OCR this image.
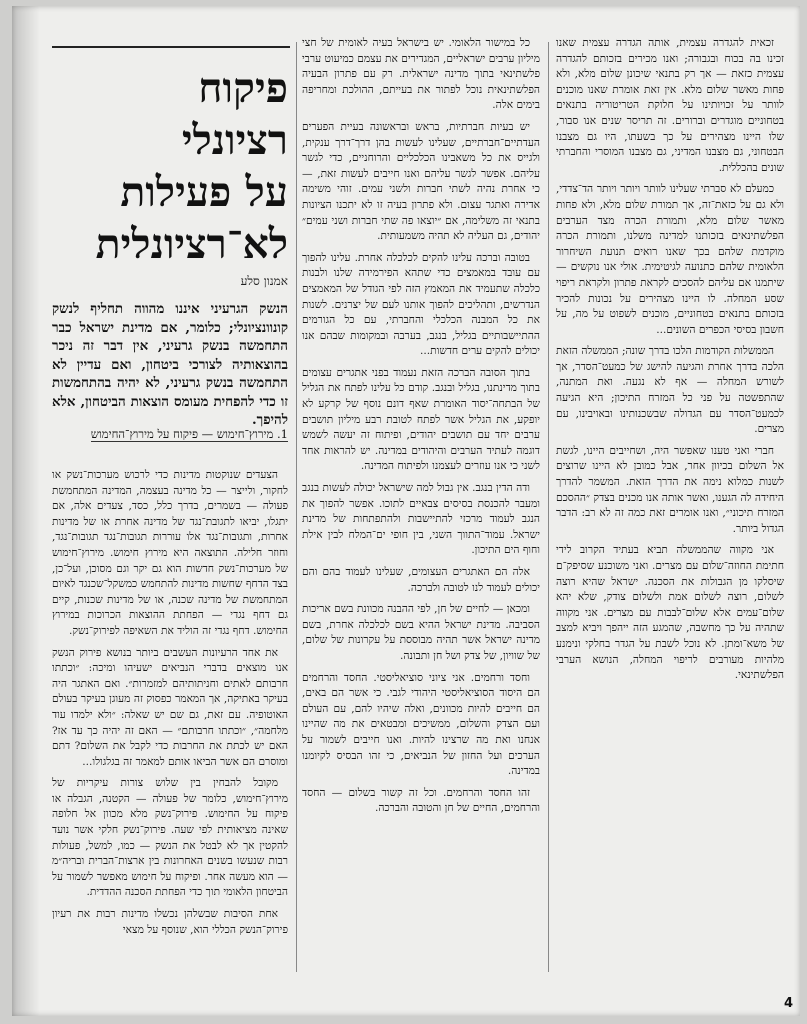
זכאית להגדרה עצמית, אותה הגדרה עצמית שאנו זכינו בה בכוח ובגבורה; ואנו מכירים בזכותם להגדרה עצמית כזאת — אך רק בתנאי שיכונן שלום מלא, ולא פחות מאשר שלום מלא. אין זאת אומרת שאנו מוכנים לוותר על זכויותינו על חלוקת הטריטוריה בתנאים בטחוניים מוגדרים וברורים. זה תריסר שנים אנו סבור, שלו היינו מצהירים על כך בשעתו, היו גם מצבנו הבטחוני, גם מצבנו המדיני, גם מצבנו המוסרי והחברתי שונים בהכללית.

כמעלם לא סברתי שעלינו לוותר ויותר ויותר הד־צדדי, ולא גם על כזאת־זה, אך תמורת שלום מלא, ולא פחות מאשר שלום מלא, ותמורת הכרה מצד הערבים הפלשתינאים בזכותנו למדינה משלנו, ותמורת הכרה מוקדמת שלהם בכך שאנו רואים תנועת השיחרור הלאומית שלהם כתנועה לגיטימית. אולי אנו נוקשים — שיתמנו אם עליהם להסכים לקראת פתרון ולקראת ריפוי שסע המחלה. לו היינו מצהירים על נכונות להכיר בזכותם בתנאים בטחוניים, מוכנים לשפוט על מה, על חשבון בסיסי הכפרים השונים...

הממשלות הקודמות הלכו בדרך שונה; הממשלה הזאת הלכה בדרך אחרת והגיעה להישג של כמעט־הסדר, אך לשורש המחלה — אף לא נגעה. ואת המתנה, שהתפשטה על פני כל המזרח התיכון; היא הגיעה לכמעט־הסדר עם הגדולה שבשכנותינו ובאויבינו, עם מצרים.

חברי ואני טענו שאפשר היה, ושחייבים היינו, לגשת אל השלום בכיוון אחר, אבל כמובן לא היינו שרוצים לשנות כמלוא נימה את הדרך הזאת. המשמר להדרך היחידה לה הגענו, ואשר אותה אנו מכנים בצדק ״ההסכם המזרח תיכוני״, ואנו אומרים זאת כמה זה לא רב: הדבר הגדול ביותר.

אני מקווה שהממשלה תביא בעתיד הקרוב לידי חתימת החוזה־שלום עם מצרים. ואני משוכנע שסיפק־ם שיסלקו מן הגבולות את הסכנה. ישראל שהיא רוצה לשלום, רוצה לשלום אמת ולשלום צודק, שלא יהא שלום־עמים אלא שלום־לבבות עם מצרים. אני מקווה שתהיה על כך מחשבה, שהמגע הזה ייהפך ויביא למצב של משא־ומתן. לא נוכל לשבת על הגדר בחלקי ונימנע מלהיות מעורבים לריפוי המחלה, הנושא הערבי הפלשתינאי.

כל במישור הלאומי. יש בישראל בעיה לאומית של חצי מיליון ערבים ישראליים, המגדירים את עצמם כמיעוט ערבי פלשתינאי בתוך מדינה ישראלית. רק עם פתרון הבעיה הפלשתינאית נוכל לפתור את בעייתם, ההולכת ומחריפה בימים אלה.

יש בעיות חברתיות, בראש ובראשונה בעיית הפערים העדתיים־חברתיים, שעלינו לעשות בהן דרך־דרך ענקית, ולגייס את כל משאבינו הכלכליים והרוחניים, כדי לגשר עליהם. אפשר לגשר עליהם ואנו חייבים לעשות זאת, — כי אחרת נהיה לשתי חברות ולשני עמים. זוהי משימה אדירה ואתגר עצום. ולא פתרון בעיה זו לא יתכנו הציונות בתנאי זה משלימה, אם ״יוצאו פה שתי חברות ושני עמים״ יהודים, גם העליה לא תהיה משמעותית.

בטובה וברכה עלינו להקים לכלכלה אחרת. עלינו להפוך עם עובד במאמצים כדי שתהא הפירמידה שלנו ולבנות כלכלה שתעמיד את המאמץ הזה לפי הגודל של המאמצים הנדרשים, ותהליכים להפוך אותנו לעם של יצרנים. לשנות את כל המבנה הכלכלי והחברתי, עם כל הגורמים ההתיישבותיים בגליל, בנגב, בערבה ובמקומות שבהם אנו יכולים להקים ערים חדשות...

בתוך הסובה הברכה הזאת נעמוד בפני אתגרים עצומים בתוך מדינתנו, בגליל ובנגב. קודם כל עלינו לפתח את הגליל של הבתחה־יסוד האומרת שאף דונם נוסף של קרקע לא יופקע, את הגליל אשר לפתח לטובת רבע מיליון תושבים ערבים יחד עם תושבים יהודים, ופיתוח זה יעשה לשמש דוגמה לעתיד הערבים והיהודים במדינה. יש להראות אחד לשני כי אנו עוזרים לעצמנו ולפיתוח המדינה.

ודה הדין בנגב. אין גבול למה שישראל יכולה לעשות בנגב ומעבר להכנסת בסיסים צבאיים לתוכו. אפשר להפוך את הנגב לעמוד מרכזי להתיישבות ולהתפתחות של מדינת ישראל. עמוד־התווך השני, בין חופי ים־המלח לבין אילת וחוף הים התיכון.

אלה הם האתגרים העצומים, שעלינו לעמוד בהם והם יכולים לעמוד לנו לטובה ולברכה.

ומכאן — לחיים של חן, לפי ההבנה מכוונת בשם אריכות הסביבה. מדינת ישראל ההיא בשם לכלכלה אחרת, בשם מדינה ישראל אשר תהיה מבוססת על עקרונות של שלום, של שוויון, של צדק ושל חן ותבונה.

וחסד ורחמים. אני ציוני סוציאליסטי. החסד והרחמים הם היסוד הסוציאליסטי היהודי לגבי. כי אשר הם באים, הם חייבים להיות מכוונים, ואלה שיהיו להם, עם העולם ועם הצדק והשלום, ממשיכים ומבטאים את מה שהיינו אנחנו ואת מה שרצינו להיות. ואנו חייבים לשמור על הערכים ועל החזון של הנביאים, כי זהו הבסיס לקיומנו במדינה.

זהו החסד והרחמים. וכל זה קשור בשלום — החסד והרחמים, החיים של חן והטובה והברכה.

פיקוח
רציונלי
על פעילות
לא־רציונלית
אמנון סלע
הנשק הגרעיני איננו מהווה תחליף לנשק קונוונציונלי; כלומר, אם מדינת ישראל כבר התחמשה בנשק גרעיני, אין דבר זה ניכר בהוצאותיה לצורכי ביטחון, ואם עדיין לא התחמשה בנשק גרעיני, לא יהיה בהתחמשות זו כדי להפחית מעומס הוצאות הביטחון, אלא להיפך.
1. מירוץ־חימוש — פיקוח על מירוץ־החימוש

הצעדים שנוקטות מדינות כדי לרכוש מערכות־נשק או לחקור, ולייצר — כל מדינה בעצמה, המדינה המתחמשת פעולה — בשמרים, בדרך כלל, כסד, צעדים אלה, אם יתגלו, יביאו לתגובת־נגד של מדינה אחרת או של מדינות אחרות, ותגובות־נגד אלו עוררות תגובות־נגד תגובות־נגד, וחוזר חלילה. התוצאה היא מירוץ חימוש. מירוץ־חימוש של מערכות־נשק חדשות הוא גם יקר וגם מסוכן, ועל־כן, בצד הדחף שחשות מדינות להתחמש כמשקל־שכנגד לאיום המתחמשת של מדינה שכנה, או של מדינות שכנות, קיים גם דחף נגדי — הפחתת ההוצאות הכרוכות במירוץ החימוש. דחף נגדי זה הוליד את השאיפה לפירוק־נשק.

את אחד הרעיונות העשבים ביותר בנושא פירוק הנשק אנו מוצאים בדברי הנביאים ישעיהו ומיכה: ״וכתתו חרבותם לאתים וחניתותיהם למזמרות״. ואם האתגר היה בעיקר באתיקה, אך המאמר כפסוק זה מעוגן בעיקר בעולם האוטופיה. עם זאת, גם שם יש שאלה: ״ולא ילמדו עוד מלחמה״, ״וכתתו חרבותם״ — האם זה יהיה כך עד אז? האם יש לכתת את החרבות כדי לקבל את השלום? דתם ומוסרם הם אשר הביאו אותם למאמר זה בגלגולו...

מקובל להבחין בין שלוש צורות עיקריות של מירוץ־חימוש, כלומר של פעולה — הקטנה, הגבלה או פיקוח על החימוש. פירוק־נשק מלא מכוון אל חלופה שאינה מציאותית לפי שעה. פירוק־נשק חלקי אשר נועד להקטין אך לא לבטל את הנשק — כמו, למשל, פעולות רבות שנעשו בשנים האחרונות בין ארצות־הברית ובריה״מ — הוא מעשה אחר. ופיקוח על חימוש מאפשר לשמור על הביטחון הלאומי תוך כדי הפחתת הסכנה ההדדית.

אחת הסיבות שבשלהן נכשלו מדינות רבות את רעיון פירוק־הנשק הכללי הוא, שנוסף על מצאי

4
